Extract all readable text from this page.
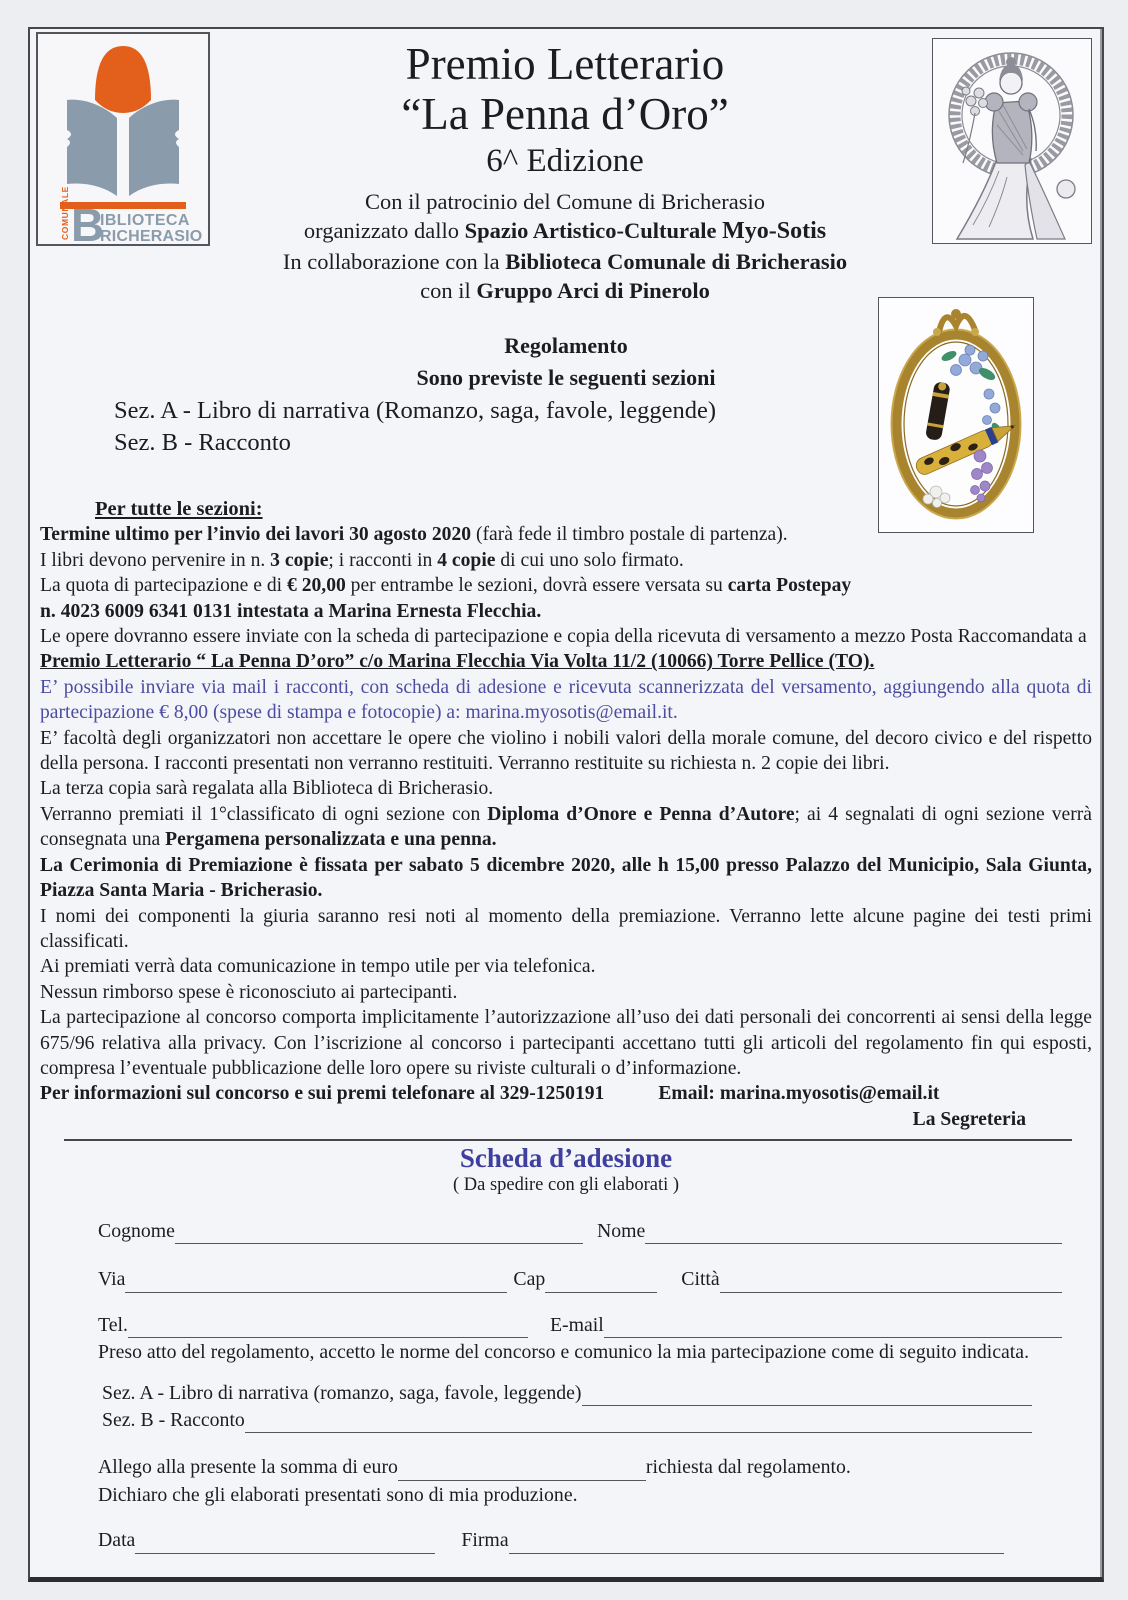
COMUNALE B
IBLIOTECA
RICHERASIO
Premio Letterario
“La Penna d’Oro”
6^ Edizione
Con il patrocinio del Comune di Bricherasio
organizzato dallo Spazio Artistico-Culturale Myo-Sotis
In collaborazione con la Biblioteca Comunale di Bricherasio
con il Gruppo Arci di Pinerolo
Regolamento
Sono previste le seguenti sezioni
Sez. A - Libro di narrativa (Romanzo, saga, favole, leggende)
Sez. B - Racconto

Per tutte le sezioni:

Termine ultimo per l’invio dei lavori 30 agosto 2020 (farà fede il timbro postale di partenza).

I libri devono pervenire in n. 3 copie; i racconti in 4 copie di cui uno solo firmato.

La quota di partecipazione e di € 20,00 per entrambe le sezioni, dovrà essere versata su carta Postepay

n. 4023 6009 6341 0131 intestata a Marina Ernesta Flecchia.

Le opere dovranno essere inviate con la scheda di partecipazione e copia della ricevuta di versamento a mezzo Posta Raccomandata a

Premio Letterario “ La Penna D’oro” c/o Marina Flecchia Via Volta 11/2 (10066) Torre Pellice (TO).

E’ possibile inviare via mail i racconti, con scheda di adesione e ricevuta scannerizzata del versamento, aggiungendo alla quota di partecipazione € 8,00 (spese di stampa e fotocopie) a: marina.myosotis@email.it.

E’ facoltà degli organizzatori non accettare le opere che violino i nobili valori della morale comune, del decoro civico e del rispetto della persona. I racconti presentati non verranno restituiti. Verranno restituite su richiesta n. 2 copie dei libri.

La terza copia sarà regalata alla Biblioteca di Bricherasio.

Verranno premiati il 1°classificato di ogni sezione con Diploma d’Onore e Penna d’Autore; ai 4 segnalati di ogni sezione verrà consegnata una Pergamena personalizzata e una penna.

La Cerimonia di Premiazione è fissata per sabato 5 dicembre 2020, alle h 15,00 presso Palazzo del Municipio, Sala Giunta, Piazza Santa Maria - Bricherasio.

I nomi dei componenti la giuria saranno resi noti al momento della premiazione. Verranno lette alcune pagine dei testi primi classificati.

Ai premiati verrà data comunicazione in tempo utile per via telefonica.

Nessun rimborso spese è riconosciuto ai partecipanti.

La partecipazione al concorso comporta implicitamente l’autorizzazione all’uso dei dati personali dei concorrenti ai sensi della legge 675/96 relativa alla privacy. Con l’iscrizione al concorso i partecipanti accettano tutti gli articoli del regolamento fin qui esposti, compresa l’eventuale pubblicazione delle loro opere su riviste culturali o d’informazione.

Per informazioni sul concorso e sui premi telefonare al 329-1250191	Email: marina.myosotis@email.it

La Segreteria

Scheda d’adesione
( Da spedire con gli elaborati )
Cognome	Nome
Via	Cap	Città
Tel.	E-mail
Preso atto del regolamento, accetto le norme del concorso e comunico la mia partecipazione come di seguito indicata.
Sez. A - Libro di narrativa (romanzo, saga, favole, leggende)
Sez. B - Racconto
Allego alla presente la somma di euro	richiesta dal regolamento.
Dichiaro che gli elaborati presentati sono di mia produzione.
Data	Firma
